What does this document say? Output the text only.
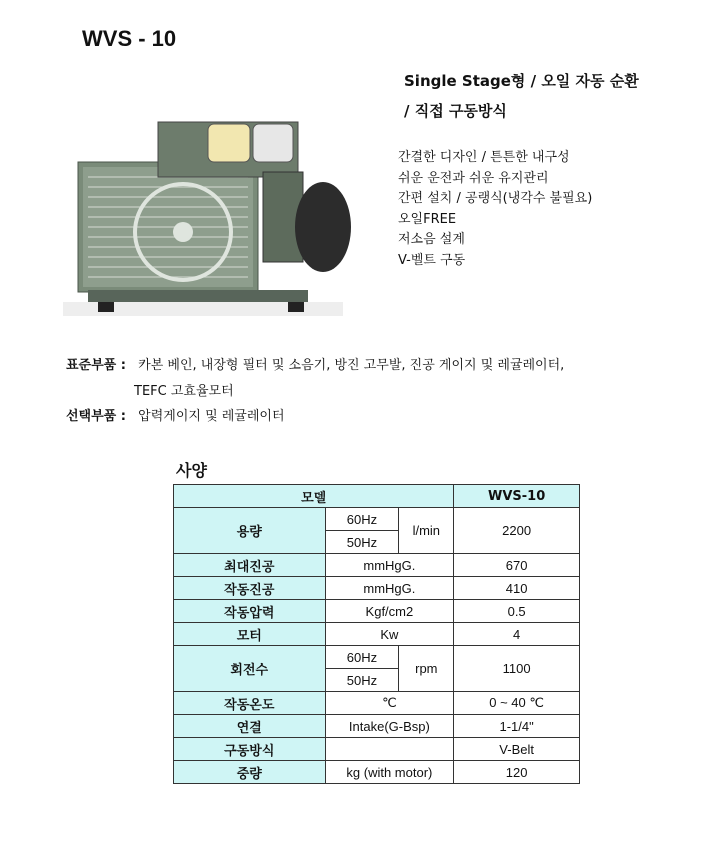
WVS - 10
Single Stage형 / 오일 자동 순환
/ 직접 구동방식
간결한 디자인 / 튼튼한 내구성
쉬운 운전과 쉬운 유지관리
간편 설치 / 공랭식(냉각수 불필요)
오일FREE
저소음 설계
V-벨트 구동
표준부품 : 카본 베인, 내장형 필터 및 소음기, 방진 고무발, 진공 게이지 및 레귤레이터,
TEFC 고효율모터
선택부품 : 압력게이지 및 레귤레이터
사양
모델			WVS-10
용량	60Hz	l/min	2200
	50Hz		
최대진공	mmHgG.		670
작동진공	mmHgG.		410
작동압력	Kgf/cm2		0.5
모터	Kw		4
회전수	60Hz	rpm	1100
	50Hz		
작동온도	℃		0 ~ 40 ℃
연결	Intake(G-Bsp)		1-1/4"
구동방식			V-Belt
중량	kg (with motor)		120
